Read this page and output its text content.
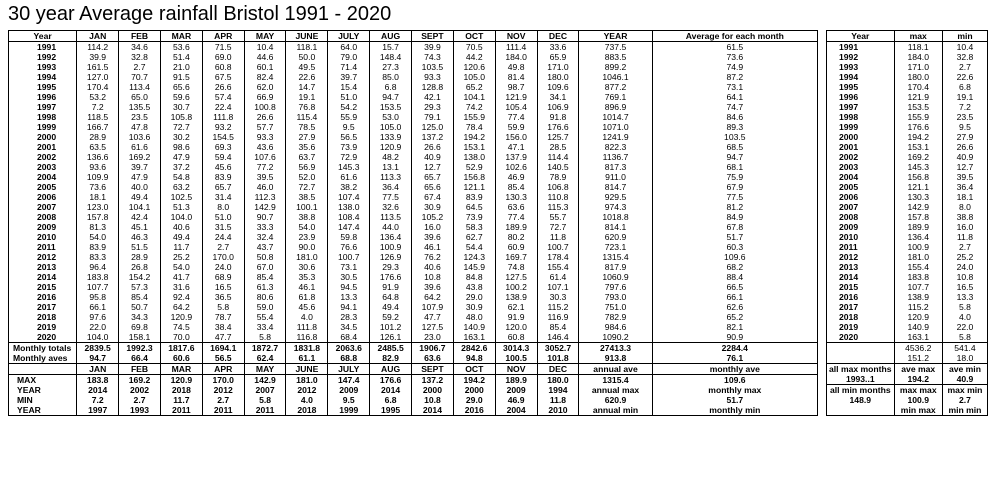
30 year Average rainfall Bristol 1991 - 2020
Year	JAN	FEB	MAR	APR	MAY	JUNE	JULY	AUG	SEPT	OCT	NOV	DEC	YEAR	Average for each month
1991	114.2	34.6	53.6	71.5	10.4	118.1	64.0	15.7	39.9	70.5	111.4	33.6	737.5	61.5
1992	39.9	32.8	51.4	69.0	44.6	50.0	79.0	148.4	74.3	44.2	184.0	65.9	883.5	73.6
1993	161.5	2.7	21.0	60.8	60.1	49.5	71.4	27.3	103.5	120.6	49.8	171.0	899.2	74.9
1994	127.0	70.7	91.5	67.5	82.4	22.6	39.7	85.0	93.3	105.0	81.4	180.0	1046.1	87.2
1995	170.4	113.4	65.6	26.6	62.0	14.7	15.4	6.8	128.8	65.2	98.7	109.6	877.2	73.1
1996	53.2	65.0	59.6	57.4	66.9	19.1	51.0	94.7	42.1	104.1	121.9	34.1	769.1	64.1
1997	7.2	135.5	30.7	22.4	100.8	76.8	54.2	153.5	29.3	74.2	105.4	106.9	896.9	74.7
1998	118.5	23.5	105.8	111.8	26.6	115.4	55.9	53.0	79.1	155.9	77.4	91.8	1014.7	84.6
1999	166.7	47.8	72.7	93.2	57.7	78.5	9.5	105.0	125.0	78.4	59.9	176.6	1071.0	89.3
2000	28.9	103.6	30.2	154.5	93.3	27.9	56.5	133.9	137.2	194.2	156.0	125.7	1241.9	103.5
2001	63.5	61.6	98.6	69.3	43.6	35.6	73.9	120.9	26.6	153.1	47.1	28.5	822.3	68.5
2002	136.6	169.2	47.9	59.4	107.6	63.7	72.9	48.2	40.9	138.0	137.9	114.4	1136.7	94.7
2003	93.6	39.7	37.2	45.6	77.2	56.9	145.3	13.1	12.7	52.9	102.6	140.5	817.3	68.1
2004	109.9	47.9	54.8	83.9	39.5	52.0	61.6	113.3	65.7	156.8	46.9	78.9	911.0	75.9
2005	73.6	40.0	63.2	65.7	46.0	72.7	38.2	36.4	65.6	121.1	85.4	106.8	814.7	67.9
2006	18.1	49.4	102.5	31.4	112.3	38.5	107.4	77.5	67.4	83.9	130.3	110.8	929.5	77.5
2007	123.0	104.1	51.3	8.0	142.9	100.1	138.0	32.6	30.9	64.5	63.6	115.3	974.3	81.2
2008	157.8	42.4	104.0	51.0	90.7	38.8	108.4	113.5	105.2	73.9	77.4	55.7	1018.8	84.9
2009	81.3	45.1	40.6	31.5	33.3	54.0	147.4	44.0	16.0	58.3	189.9	72.7	814.1	67.8
2010	54.0	46.3	49.4	24.4	32.4	23.9	59.8	136.4	39.6	62.7	80.2	11.8	620.9	51.7
2011	83.9	51.5	11.7	2.7	43.7	90.0	76.6	100.9	46.1	54.4	60.9	100.7	723.1	60.3
2012	83.3	28.9	25.2	170.0	50.8	181.0	100.7	126.9	76.2	124.3	169.7	178.4	1315.4	109.6
2013	96.4	26.8	54.0	24.0	67.0	30.6	73.1	29.3	40.6	145.9	74.8	155.4	817.9	68.2
2014	183.8	154.2	41.7	68.9	85.4	35.3	30.5	176.6	10.8	84.8	127.5	61.4	1060.9	88.4
2015	107.7	57.3	31.6	16.5	61.3	46.1	94.5	91.9	39.6	43.8	100.2	107.1	797.6	66.5
2016	95.8	85.4	92.4	36.5	80.6	61.8	13.3	64.8	64.2	29.0	138.9	30.3	793.0	66.1
2017	66.1	50.7	64.2	5.8	59.0	45.6	94.1	49.4	107.9	30.9	62.1	115.2	751.0	62.6
2018	97.6	34.3	120.9	78.7	55.4	4.0	28.3	59.2	47.7	48.0	91.9	116.9	782.9	65.2
2019	22.0	69.8	74.5	38.4	33.4	111.8	34.5	101.2	127.5	140.9	120.0	85.4	984.6	82.1
2020	104.0	158.1	70.0	47.7	5.8	116.8	68.4	126.1	23.0	163.1	60.8	146.4	1090.2	90.9
Monthly totals	2839.5	1992.3	1817.6	1694.1	1872.7	1831.8	2063.6	2485.5	1906.7	2842.6	3014.3	3052.7	27413.3	2284.4
Monthly aves	94.7	66.4	60.6	56.5	62.4	61.1	68.8	82.9	63.6	94.8	100.5	101.8	913.8	76.1
	JAN	FEB	MAR	APR	MAY	JUNE	JULY	AUG	SEPT	OCT	NOV	DEC	annual ave	monthly ave
MAX	183.8	169.2	120.9	170.0	142.9	181.0	147.4	176.6	137.2	194.2	189.9	180.0	1315.4	109.6
YEAR	2014	2002	2018	2012	2007	2012	2009	2014	2000	2000	2009	1994	annual max	monthly max
MIN	7.2	2.7	11.7	2.7	5.8	4.0	9.5	6.8	10.8	29.0	46.9	11.8	620.9	51.7
YEAR	1997	1993	2011	2011	2011	2018	1999	1995	2014	2016	2004	2010	annual min	monthly min
Year	max	min
1991	118.1	10.4
1992	184.0	32.8
1993	171.0	2.7
1994	180.0	22.6
1995	170.4	6.8
1996	121.9	19.1
1997	153.5	7.2
1998	155.9	23.5
1999	176.6	9.5
2000	194.2	27.9
2001	153.1	26.6
2002	169.2	40.9
2003	145.3	12.7
2004	156.8	39.5
2005	121.1	36.4
2006	130.3	18.1
2007	142.9	8.0
2008	157.8	38.8
2009	189.9	16.0
2010	136.4	11.8
2011	100.9	2.7
2012	181.0	25.2
2013	155.4	24.0
2014	183.8	10.8
2015	107.7	16.5
2016	138.9	13.3
2017	115.2	5.8
2018	120.9	4.0
2019	140.9	22.0
2020	163.1	5.8
	4536.2	541.4
	151.2	18.0
all max months	ave max	ave min
1993..1	194.2	40.9
all min months	max max	max min
148.9	100.9	2.7
	min max	min min
